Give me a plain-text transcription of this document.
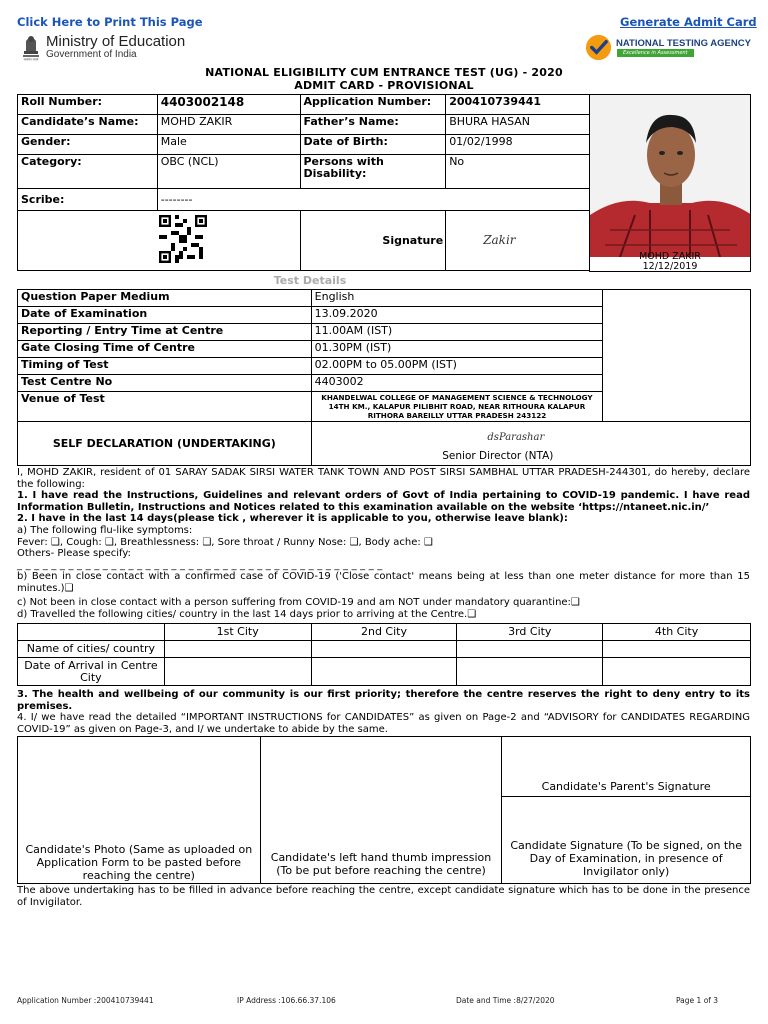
Click Here to Print This Page	Generate Admit Card
सत्यमेव जयते
Ministry of Education
Government of India
NATIONAL TESTING AGENCY
Excellence in Assessment
NATIONAL ELIGIBILITY CUM ENTRANCE TEST (UG) - 2020
ADMIT CARD - PROVISIONAL
Roll Number:	4403002148	Application Number:	200410739441
Candidate’s Name:	MOHD ZAKIR	Father’s Name:	BHURA HASAN
Gender:	Male	Date of Birth:	01/02/1998
Category:	OBC (NCL)	Persons with Disability:	No
Scribe:	--------		
	Signature	Zakir
MOHD ZAKIR
12/12/2019
Test Details
Question Paper Medium	English	
Date of Examination	13.09.2020	
Reporting / Entry Time at Centre	11.00AM (IST)	
Gate Closing Time of Centre	01.30PM (IST)	
Timing of Test	02.00PM to 05.00PM (IST)	
Test Centre No	4403002	
Venue of Test	KHANDELWAL COLLEGE OF MANAGEMENT SCIENCE & TECHNOLOGY 14TH KM., KALAPUR PILIBHIT ROAD, NEAR RITHOURA KALAPUR RITHORA BAREILLY UTTAR PRADESH 243122	
SELF DECLARATION (UNDERTAKING)	dsParashar
Senior Director (NTA)	
I, MOHD ZAKIR, resident of 01 SARAY SADAK SIRSI WATER TANK TOWN AND POST SIRSI SAMBHAL UTTAR PRADESH-244301, do hereby, declare the following:
1. I have read the Instructions, Guidelines and relevant orders of Govt of India pertaining to COVID-19 pandemic. I have read Information Bulletin, Instructions and Notices related to this examination available on the website ‘https://ntaneet.nic.in/’
2. I have in the last 14 days(please tick , wherever it is applicable to you, otherwise leave blank):
a) The following flu-like symptoms:
Fever: ❑, Cough: ❑, Breathlessness: ❑, Sore throat / Runny Nose: ❑, Body ache: ❑
Others- Please specify:
_ _ _ _ _ _ _ _ _ _ _ _ _ _ _ _ _ _ _ _ _ _ _ _ _ _ _ _ _ _ _ _ _ _ _ _ _ _ _ _ _ _ _
b) Been in close contact with a confirmed case of COVID-19 ('Close contact' means being at less than one meter distance for more than 15 minutes.)❑
c) Not been in close contact with a person suffering from COVID-19 and am NOT under mandatory quarantine:❑
d) Travelled the following cities/ country in the last 14 days prior to arriving at the Centre.❑
	1st City	2nd City	3rd City	4th City
Name of cities/ country				
Date of Arrival in Centre City				
3. The health and wellbeing of our community is our first priority; therefore the centre reserves the right to deny entry to its premises.
4. I/ we have read the detailed “IMPORTANT INSTRUCTIONS for CANDIDATES” as given on Page-2 and “ADVISORY for CANDIDATES REGARDING COVID-19” as given on Page-3, and I/ we undertake to abide by the same.
Candidate's Photo (Same as uploaded on Application Form to be pasted before reaching the centre)	Candidate's left hand thumb impression (To be put before reaching the centre)	Candidate's Parent's Signature
Candidate Signature (To be signed, on the Day of Examination, in presence of Invigilator only)
The above undertaking has to be filled in advance before reaching the centre, except candidate signature which has to be done in the presence of Invigilator.
Application Number :200410739441	IP Address :106.66.37.106	Date and Time :8/27/2020	Page 1 of 3
